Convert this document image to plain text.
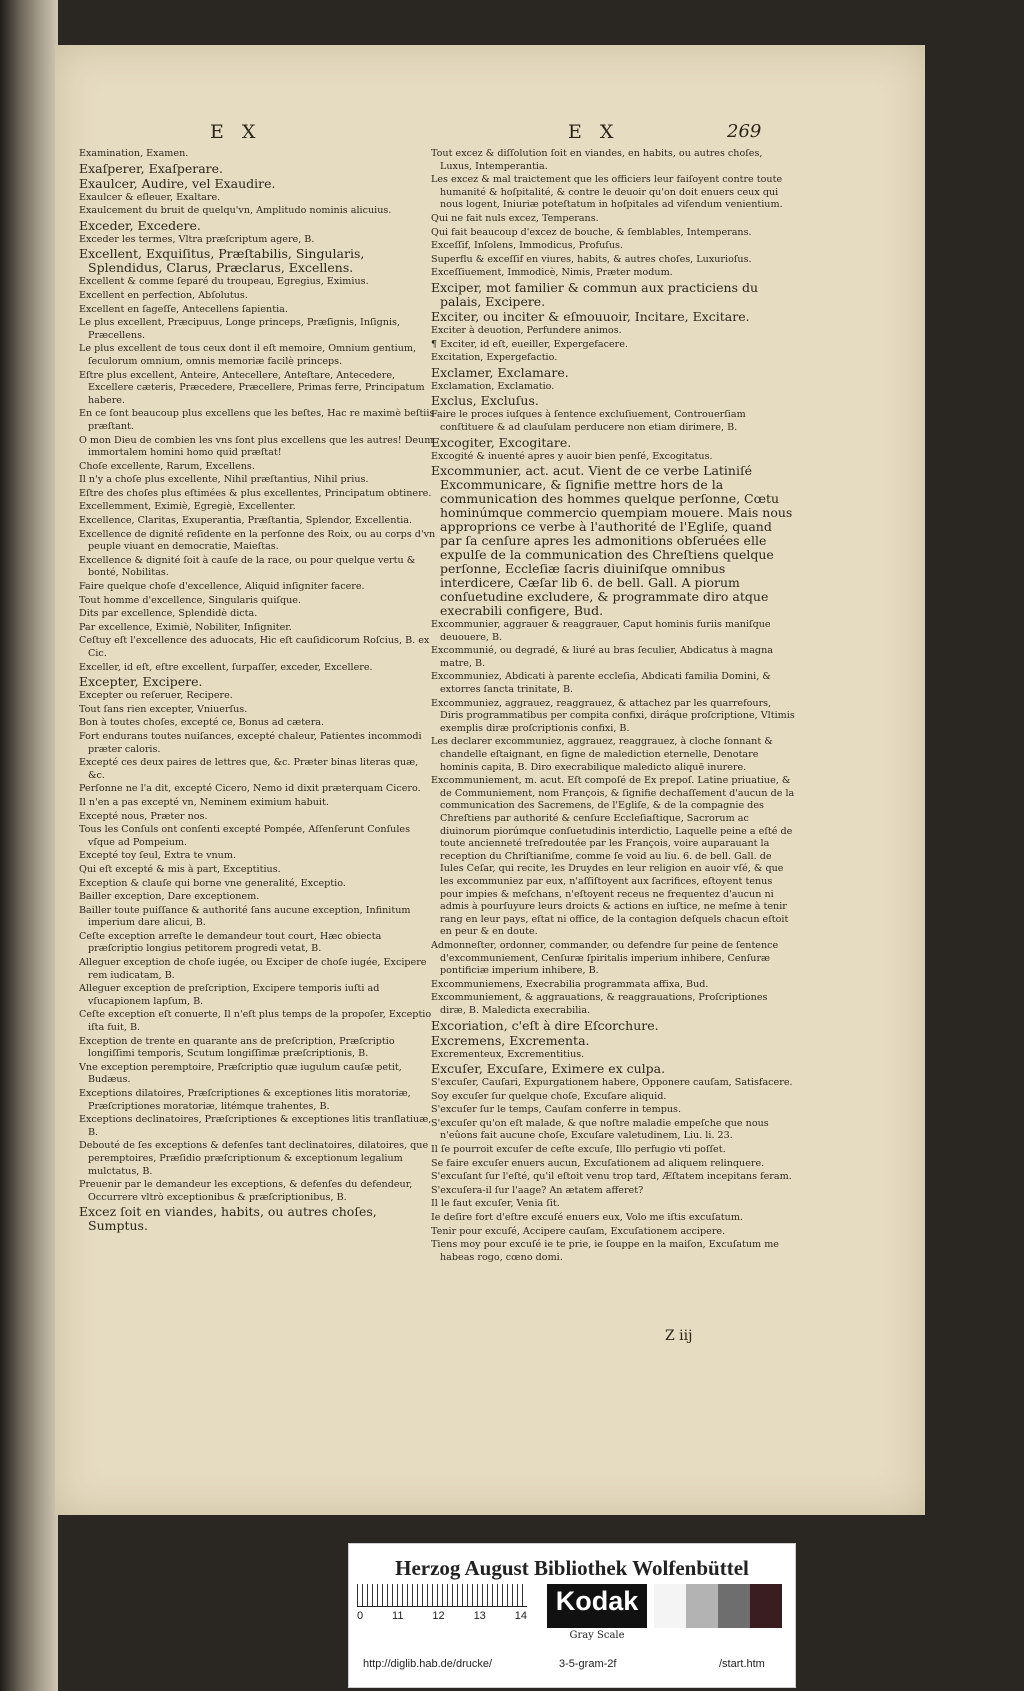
E X	E X	269
Examination, Examen.
Exaſperer, Exaſperare.
Exaulcer, Audire, vel Exaudire.
Exaulcer & eſleuer, Exaltare.
Exaulcement du bruit de quelqu'vn, Amplitudo nominis alicuius.
Exceder, Excedere.
Exceder les termes, Vltra præſcriptum agere, B.
Excellent, Exquiſitus, Præſtabilis, Singularis, Splendidus, Clarus, Præclarus, Excellens.
Excellent & comme ſeparé du troupeau, Egregius, Eximius.
Excellent en perfection, Abſolutus.
Excellent en ſageſſe, Antecellens ſapientia.
Le plus excellent, Præcipuus, Longe princeps, Præſignis, Inſignis, Præcellens.
Le plus excellent de tous ceux dont il eſt memoire, Omnium gentium, ſeculorum omnium, omnis memoriæ facilè princeps.
Eſtre plus excellent, Anteire, Antecellere, Anteſtare, Antecedere, Excellere cæteris, Præcedere, Præcellere, Primas ferre, Principatum habere.
En ce ſont beaucoup plus excellens que les beſtes, Hac re maximè beſtiis præſtant.
O mon Dieu de combien les vns ſont plus excellens que les autres! Deum immortalem homini homo quid præſtat!
Choſe excellente, Rarum, Excellens.
Il n'y a choſe plus excellente, Nihil præſtantius, Nihil prius.
Eſtre des choſes plus eſtimées & plus excellentes, Principatum obtinere.
Excellemment, Eximiè, Egregiè, Excellenter.
Excellence, Claritas, Exuperantia, Præſtantia, Splendor, Excellentia.
Excellence de dignité reſidente en la perſonne des Roix, ou au corps d'vn peuple viuant en democratie, Maieſtas.
Excellence & dignité ſoit à cauſe de la race, ou pour quelque vertu & bonté, Nobilitas.
Faire quelque choſe d'excellence, Aliquid inſigniter facere.
Tout homme d'excellence, Singularis quiſque.
Dits par excellence, Splendidè dicta.
Par excellence, Eximiè, Nobiliter, Inſigniter.
Ceſtuy eſt l'excellence des aduocats, Hic eſt cauſidicorum Roſcius, B. ex Cic.
Exceller, id eſt, eſtre excellent, ſurpaſſer, exceder, Excellere.
Excepter, Excipere.
Excepter ou reſeruer, Recipere.
Tout ſans rien excepter, Vniuerſus.
Bon à toutes choſes, excepté ce, Bonus ad cætera.
Fort endurans toutes nuiſances, excepté chaleur, Patientes incommodi præter caloris.
Excepté ces deux paires de lettres que, &c. Præter binas literas quæ, &c.
Perſonne ne l'a dit, excepté Cicero, Nemo id dixit præterquam Cicero.
Il n'en a pas excepté vn, Neminem eximium habuit.
Excepté nous, Præter nos.
Tous les Conſuls ont conſenti excepté Pompée, Aſſenſerunt Conſules vſque ad Pompeium.
Excepté toy ſeul, Extra te vnum.
Qui eſt excepté & mis à part, Exceptitius.
Exception & clauſe qui borne vne generalité, Exceptio.
Bailler exception, Dare exceptionem.
Bailler toute puiſſance & authorité ſans aucune exception, Infinitum imperium dare alicui, B.
Ceſte exception arreſte le demandeur tout court, Hæc obiecta præſcriptio longius petitorem progredi vetat, B.
Alleguer exception de choſe iugée, ou Exciper de choſe iugée, Excipere rem iudicatam, B.
Alleguer exception de preſcription, Excipere temporis iuſti ad vſucapionem lapſum, B.
Ceſte exception eſt conuerte, Il n'eſt plus temps de la propoſer, Exceptio iſta fuit, B.
Exception de trente en quarante ans de preſcription, Præſcriptio longiſſimi temporis, Scutum longiſſimæ præſcriptionis, B.
Vne exception peremptoire, Præſcriptio quæ iugulum cauſæ petit, Budæus.
Exceptions dilatoires, Præſcriptiones & exceptiones litis moratoriæ, Præſcriptiones moratoriæ, litémque trahentes, B.
Exceptions declinatoires, Præſcriptiones & exceptiones litis tranſlatiuæ, B.
Debouté de ſes exceptions & defenſes tant declinatoires, dilatoires, que peremptoires, Præſidio præſcriptionum & exceptionum legalium mulctatus, B.
Preuenir par le demandeur les exceptions, & defenſes du defendeur, Occurrere vltrò exceptionibus & præſcriptionibus, B.
Excez ſoit en viandes, habits, ou autres choſes, Sumptus.
Tout excez & diſſolution ſoit en viandes, en habits, ou autres choſes, Luxus, Intemperantia.
Les excez & mal traictement que les officiers leur faiſoyent contre toute humanité & hoſpitalité, & contre le deuoir qu'on doit enuers ceux qui nous logent, Iniuriæ poteſtatum in hoſpitales ad viſendum venientium.
Qui ne fait nuls excez, Temperans.
Qui fait beaucoup d'excez de bouche, & ſemblables, Intemperans.
Exceſſif, Inſolens, Immodicus, Profuſus.
Superflu & exceſſif en viures, habits, & autres choſes, Luxurioſus.
Exceſſiuement, Immodicè, Nimis, Præter modum.
Exciper, mot familier & commun aux practiciens du palais, Excipere.
Exciter, ou inciter & eſmouuoir, Incitare, Excitare.
Exciter à deuotion, Perfundere animos.
¶ Exciter, id eſt, eueiller, Expergefacere.
Excitation, Expergefactio.
Exclamer, Exclamare.
Exclamation, Exclamatio.
Exclus, Excluſus.
Faire le proces iuſques à ſentence excluſiuement, Controuerſiam conſtituere & ad clauſulam perducere non etiam dirimere, B.
Excogiter, Excogitare.
Excogité & inuenté apres y auoir bien penſé, Excogitatus.
Excommunier, act. acut. Vient de ce verbe Latiniſé Excommunicare, & ſignifie mettre hors de la communication des hommes quelque perſonne, Cœtu hominúmque commercio quempiam mouere. Mais nous approprions ce verbe à l'authorité de l'Egliſe, quand par ſa cenſure apres les admonitions obſeruées elle expulſe de la communication des Chreſtiens quelque perſonne, Eccleſiæ ſacris diuiniſque omnibus interdicere, Cæſar lib 6. de bell. Gall. A piorum conſuetudine excludere, & programmate diro atque execrabili configere, Bud.
Excommunier, aggrauer & reaggrauer, Caput hominis furiis maniſque deuouere, B.
Excommunié, ou degradé, & liuré au bras ſeculier, Abdicatus à magna matre, B.
Excommuniez, Abdicati à parente eccleſia, Abdicati familia Domini, & extorres ſancta trinitate, B.
Excommuniez, aggrauez, reaggrauez, & attachez par les quarrefours, Diris programmatibus per compita confixi, diráque proſcriptione, Vltimis exemplis diræ proſcriptionis confixi, B.
Les declarer excommuniez, aggrauez, reaggrauez, à cloche ſonnant & chandelle eſtaignant, en ſigne de malediction eternelle, Denotare hominis capita, B. Diro execrabilique maledicto aliquē inurere.
Excommuniement, m. acut. Eſt compoſé de Ex prepoſ. Latine priuatiue, & de Communiement, nom François, & ſignifie dechaſſement d'aucun de la communication des Sacremens, de l'Egliſe, & de la compagnie des Chreſtiens par authorité & cenſure Eccleſiaſtique, Sacrorum ac diuinorum piorúmque conſuetudinis interdictio, Laquelle peine a eſté de toute ancienneté treſredoutée par les François, voire auparauant la reception du Chriſtianiſme, comme ſe void au liu. 6. de bell. Gall. de Iules Ceſar, qui recite, les Druydes en leur religion en auoir vſé, & que les excommuniez par eux, n'aſſiſtoyent aux ſacrifices, eſtoyent tenus pour impies & meſchans, n'eſtoyent receus ne frequentez d'aucun ni admis à pourſuyure leurs droicts & actions en iuſtice, ne meſme à tenir rang en leur pays, eſtat ni office, de la contagion deſquels chacun eſtoit en peur & en doute.
Admonneſter, ordonner, commander, ou defendre ſur peine de ſentence d'excommuniement, Cenſuræ ſpiritalis imperium inhibere, Cenſuræ pontificiæ imperium inhibere, B.
Excommuniemens, Execrabilia programmata affixa, Bud.
Excommuniement, & aggrauations, & reaggrauations, Proſcriptiones diræ, B. Maledicta execrabilia.
Excoriation, c'eſt à dire Eſcorchure.
Excremens, Excrementa.
Excrementeux, Excrementitius.
Excuſer, Excuſare, Eximere ex culpa.
S'excuſer, Cauſari, Expurgationem habere, Opponere cauſam, Satisfacere.
Soy excuſer ſur quelque choſe, Excuſare aliquid.
S'excuſer ſur le temps, Cauſam conferre in tempus.
S'excuſer qu'on eſt malade, & que noſtre maladie empeſche que nous n'eûons fait aucune choſe, Excuſare valetudinem, Liu. li. 23.
Il ſe pourroit excuſer de ceſte excuſe, Illo perfugio vti poſſet.
Se faire excuſer enuers aucun, Excuſationem ad aliquem relinquere.
S'excuſant ſur l'eſté, qu'il eſtoit venu trop tard, Æſtatem incepitans feram.
S'excuſera-il ſur l'aage? An ætatem afferet?
Il le faut excuſer, Venia ſit.
Ie deſire fort d'eſtre excuſé enuers eux, Volo me iſtis excuſatum.
Tenir pour excuſé, Accipere cauſam, Excuſationem accipere.
Tiens moy pour excuſé ie te prie, ie ſouppe en la maiſon, Excuſatum me habeas rogo, cœno domi.
Z iij
Herzog August Bibliothek Wolfenbüttel
0	11	12	13	14	Kodak
Gray Scale
http://diglib.hab.de/drucke/	3-5-gram-2f	/start.htm
